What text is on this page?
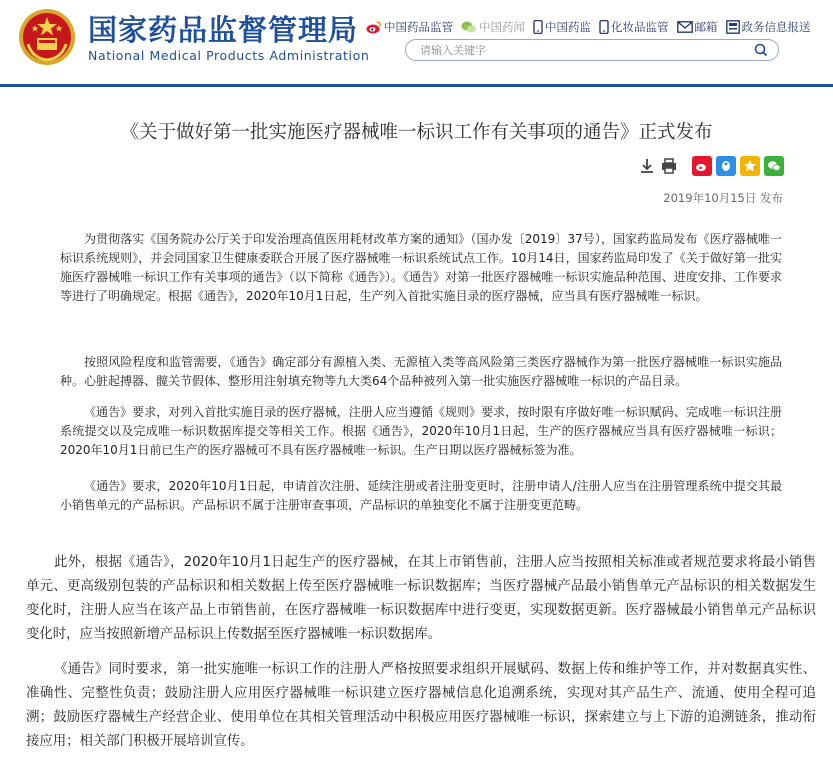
国家药品监督管理局
National Medical Products Administration
中国药品监管 中国药闻 中国药监 化妆品监管 邮箱 政务信息报送
请输入关键字
《关于做好第一批实施医疗器械唯一标识工作有关事项的通告》正式发布
2019年10月15日 发布
为贯彻落实《国务院办公厅关于印发治理高值医用耗材改革方案的通知》（国办发〔2019〕37号），国家药监局发布《医疗器械唯一标识系统规则》，并会同国家卫生健康委联合开展了医疗器械唯一标识系统试点工作。10月14日，国家药监局印发了《关于做好第一批实施医疗器械唯一标识工作有关事项的通告》（以下简称《通告》）。《通告》对第一批医疗器械唯一标识实施品种范围、进度安排、工作要求等进行了明确规定。根据《通告》，2020年10月1日起，生产列入首批实施目录的医疗器械，应当具有医疗器械唯一标识。
按照风险程度和监管需要，《通告》确定部分有源植入类、无源植入类等高风险第三类医疗器械作为第一批医疗器械唯一标识实施品种。心脏起搏器、髋关节假体、整形用注射填充物等九大类64个品种被列入第一批实施医疗器械唯一标识的产品目录。
《通告》要求，对列入首批实施目录的医疗器械，注册人应当遵循《规则》要求，按时限有序做好唯一标识赋码、完成唯一标识注册系统提交以及完成唯一标识数据库提交等相关工作。根据《通告》，2020年10月1日起，生产的医疗器械应当具有医疗器械唯一标识；2020年10月1日前已生产的医疗器械可不具有医疗器械唯一标识。生产日期以医疗器械标签为准。
《通告》要求，2020年10月1日起，申请首次注册、延续注册或者注册变更时，注册申请人/注册人应当在注册管理系统中提交其最小销售单元的产品标识。产品标识不属于注册审查事项，产品标识的单独变化不属于注册变更范畴。
此外，根据《通告》，2020年10月1日起生产的医疗器械，在其上市销售前，注册人应当按照相关标准或者规范要求将最小销售单元、更高级别包装的产品标识和相关数据上传至医疗器械唯一标识数据库；当医疗器械产品最小销售单元产品标识的相关数据发生变化时，注册人应当在该产品上市销售前，在医疗器械唯一标识数据库中进行变更，实现数据更新。医疗器械最小销售单元产品标识变化时，应当按照新增产品标识上传数据至医疗器械唯一标识数据库。
《通告》同时要求，第一批实施唯一标识工作的注册人严格按照要求组织开展赋码、数据上传和维护等工作，并对数据真实性、准确性、完整性负责；鼓励注册人应用医疗器械唯一标识建立医疗器械信息化追溯系统，实现对其产品生产、流通、使用全程可追溯；鼓励医疗器械生产经营企业、使用单位在其相关管理活动中积极应用医疗器械唯一标识，探索建立与上下游的追溯链条，推动衔接应用；相关部门积极开展培训宣传。
